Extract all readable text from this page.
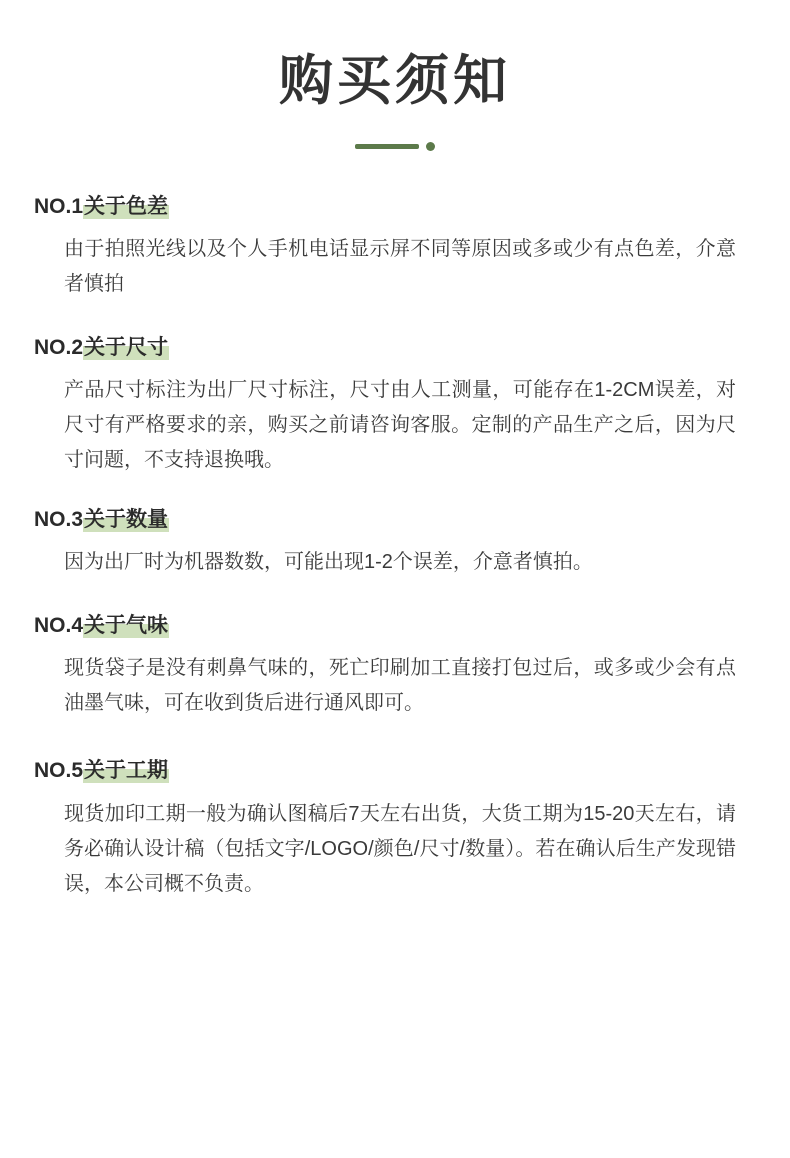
购买须知
NO.1关于色差

由于拍照光线以及个人手机电话显示屏不同等原因或多或少有点色差，介意者慎拍

NO.2关于尺寸

产品尺寸标注为出厂尺寸标注，尺寸由人工测量，可能存在1-2CM误差，对尺寸有严格要求的亲，购买之前请咨询客服。定制的产品生产之后，因为尺寸问题，不支持退换哦。

NO.3关于数量

因为出厂时为机器数数，可能出现1-2个误差，介意者慎拍。

NO.4关于气味

现货袋子是没有刺鼻气味的，死亡印刷加工直接打包过后，或多或少会有点油墨气味，可在收到货后进行通风即可。

NO.5关于工期

现货加印工期一般为确认图稿后7天左右出货，大货工期为15-20天左右，请务必确认设计稿（包括文字/LOGO/颜色/尺寸/数量）。若在确认后生产发现错误，本公司概不负责。
